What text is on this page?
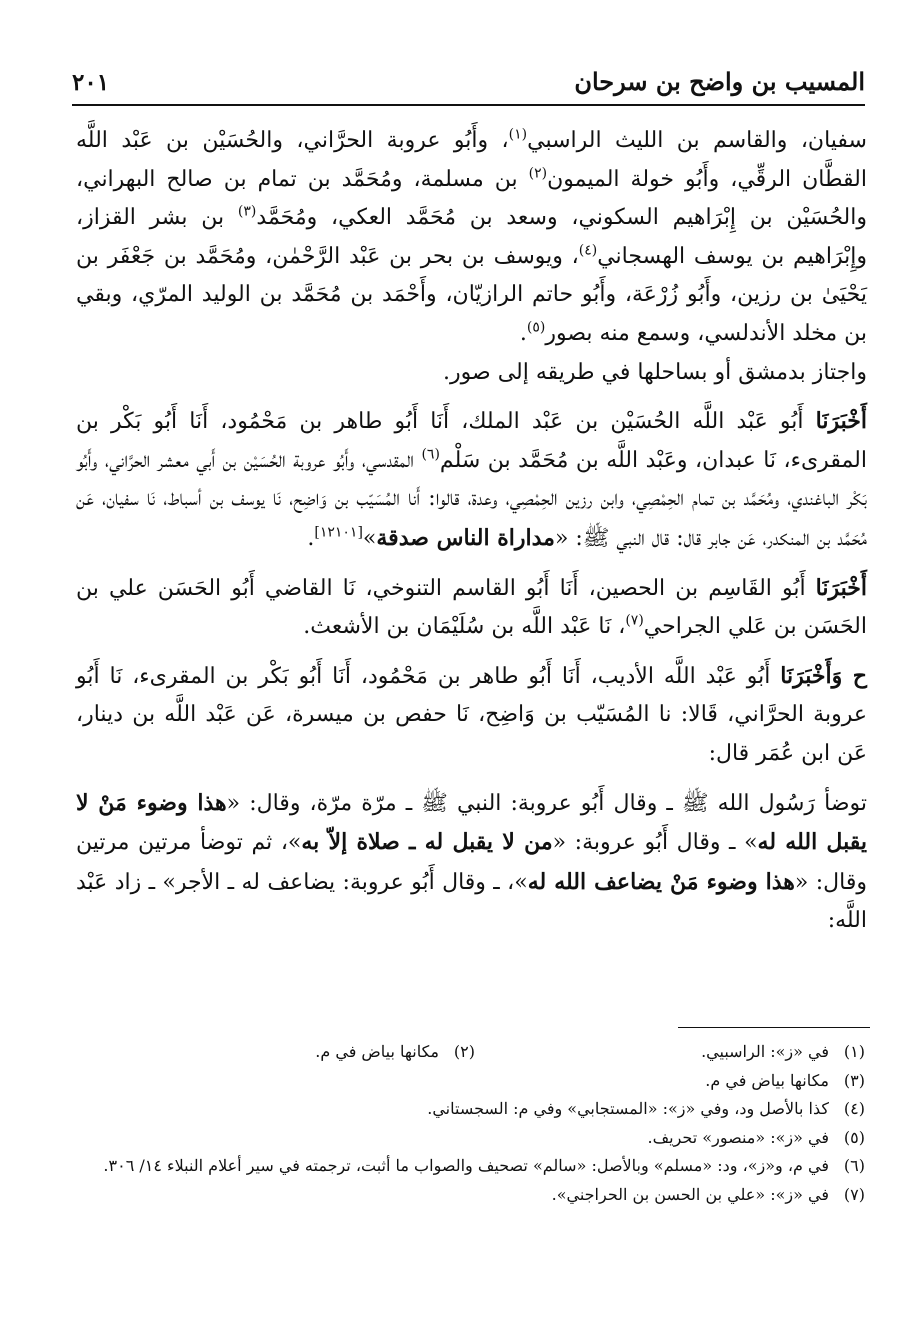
٢٠١	المسيب بن واضح بن سرحان

سفيان، والقاسم بن الليث الراسبي$^{(١)}$، وأَبُو عروبة الحرَّاني، والحُسَيْن بن عَبْد اللَّه القطَّان الرقِّي، وأَبُو خولة الميمون$^{(٢)}$ بن مسلمة، ومُحَمَّد بن تمام بن صالح البهراني، والحُسَيْن بن إِبْرَاهيم السكوني، وسعد بن مُحَمَّد العكي، ومُحَمَّد$^{(٣)}$ بن بشر القزاز، وإِبْرَاهيم بن يوسف الهسجاني$^{(٤)}$، ويوسف بن بحر بن عَبْد الرَّحْمٰن، ومُحَمَّد بن جَعْفَر بن يَحْيَىٰ بن رزين، وأَبُو زُرْعَة، وأَبُو حاتم الرازيّان، وأَحْمَد بن مُحَمَّد بن الوليد المرّي، وبقي بن مخلد الأندلسي، وسمع منه بصور$^{(٥)}$.

واجتاز بدمشق أو بساحلها في طريقه إلى صور.

أَخْبَرَنَا أَبُو عَبْد اللَّه الحُسَيْن بن عَبْد الملك، أَنَا أَبُو طاهر بن مَحْمُود، أَنَا أَبُو بَكْر بن المقرىء، نَا عبدان، وعَبْد اللَّه بن مُحَمَّد بن سَلْم$^{(٦)}$ المقدسي، وأَبُو عروبة الحُسَيْن بن أَبي معشر الحرَّاني، وأَبُو بَكْر الباغندي، ومُحَمَّد بن تمام الحِمْصِي، وابن رزين الحِمْصِي، وعدة، قالوا: أَنا المُسَيّب بن وَاضِح، نَا يوسف بن أسباط، نَا سفيان، عَن مُحَمَّد بن المنكدر، عَن جابر قال: قال النبي ﷺ: «مداراة الناس صدقة»[١٢١٠١].

أَخْبَرَنَا أَبُو القَاسِم بن الحصين، أَنَا أَبُو القاسم التنوخي، نَا القاضي أَبُو الحَسَن علي بن الحَسَن بن عَلي الجراحي$^{(٧)}$، نَا عَبْد اللَّه بن سُلَيْمَان بن الأشعث.

ح وَأَخْبَرَنَا أَبُو عَبْد اللَّه الأديب، أَنَا أَبُو طاهر بن مَحْمُود، أَنَا أَبُو بَكْر بن المقرىء، نَا أَبُو عروبة الحرَّاني، قَالا: نا المُسَيّب بن وَاضِح، نَا حفص بن ميسرة، عَن عَبْد اللَّه بن دينار، عَن ابن عُمَر قال:

توضأ رَسُول الله ﷺ ـ وقال أَبُو عروبة: النبي ﷺ ـ مرّة مرّة، وقال: «هذا وضوء مَنْ لا يقبل الله له» ـ وقال أَبُو عروبة: «من لا يقبل له ـ صلاة إلاّ به»، ثم توضأ مرتين مرتين وقال: «هذا وضوء مَنْ يضاعف الله له»، ـ وقال أَبُو عروبة: يضاعف له ـ الأجر» ـ زاد عَبْد اللَّه:

(١)
في «ز»: الراسبيي.
(٢)
مكانها بياض في م.
(٣)
مكانها بياض في م.
(٤)
كذا بالأصل ود، وفي «ز»: «المستجابي» وفي م: السجستاني.
(٥)
في «ز»: «منصور» تحريف.
(٦)
في م، و«ز»، ود: «مسلم» وبالأصل: «سالم» تصحيف والصواب ما أثبت، ترجمته في سير أعلام النبلاء ١٤/ ٣٠٦.
(٧)
في «ز»: «علي بن الحسن بن الحراجني».
